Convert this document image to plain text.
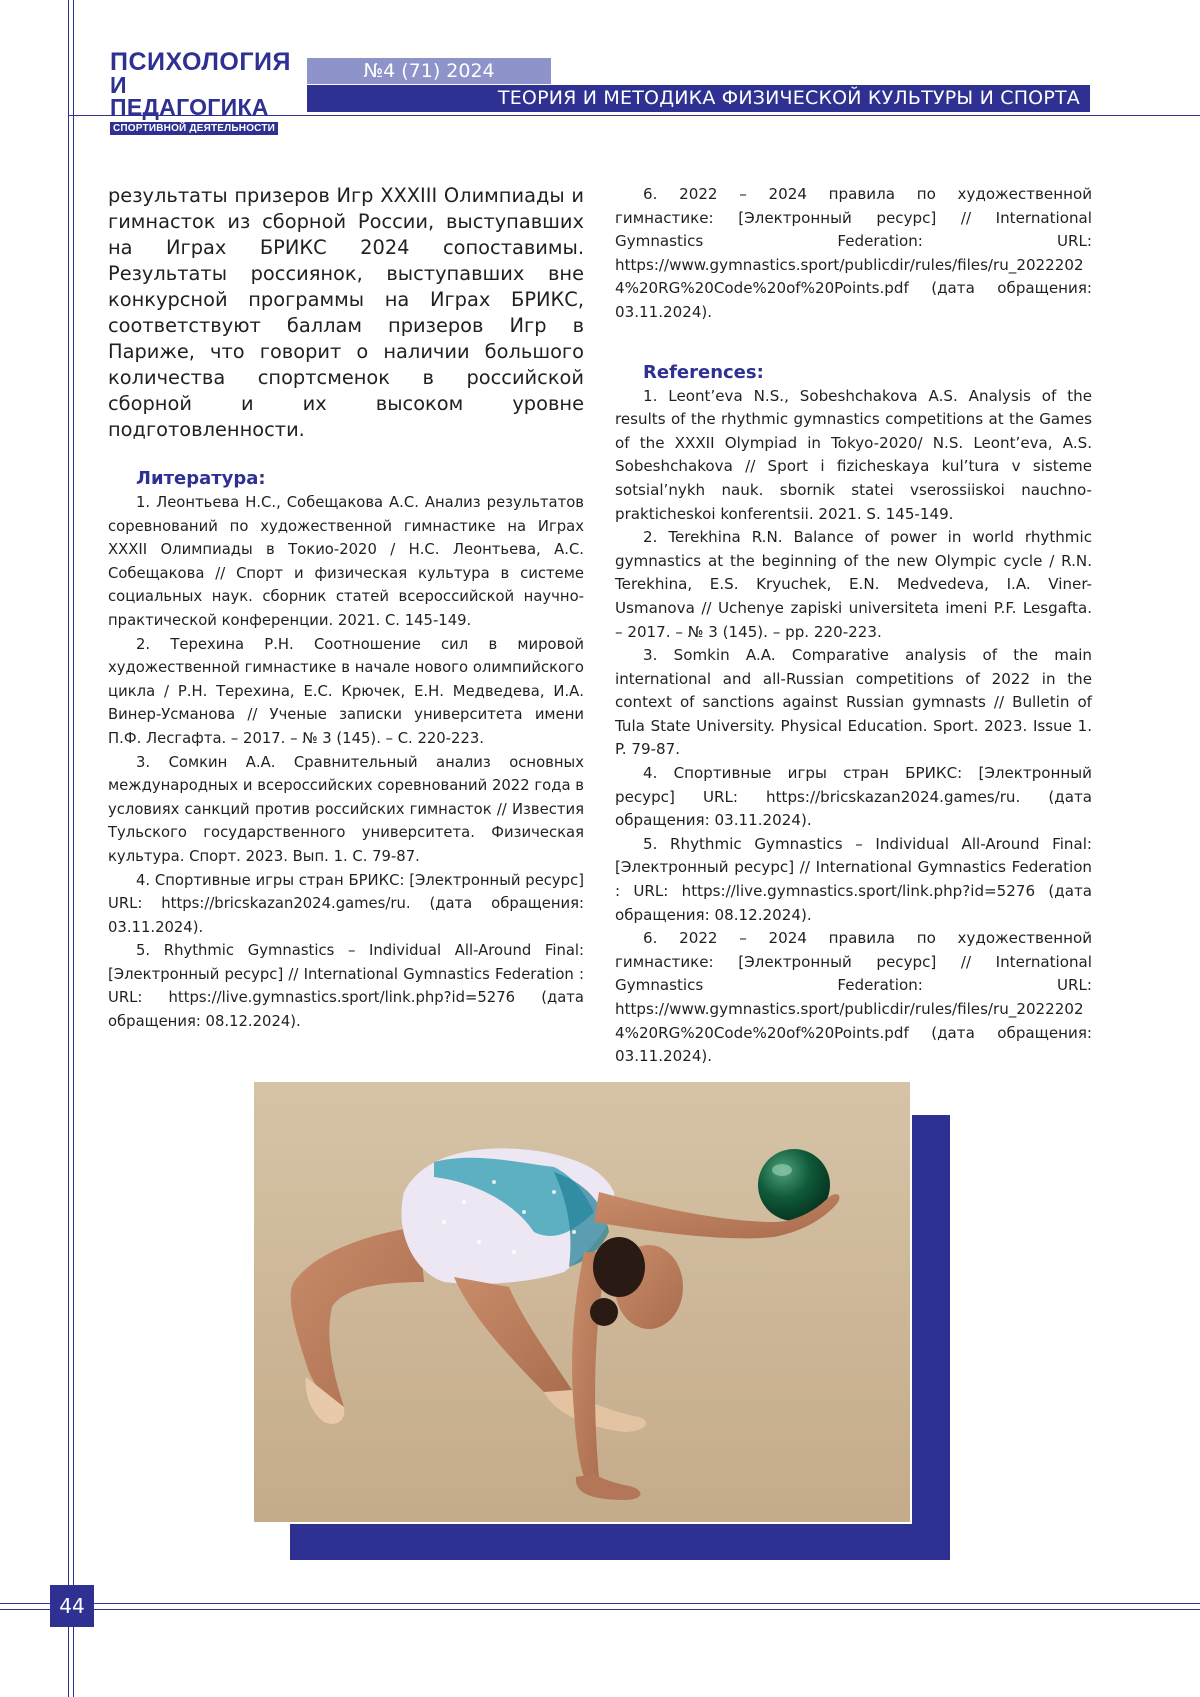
ПСИХОЛОГИЯ
И ПЕДАГОГИКА
СПОРТИВНОЙ ДЕЯТЕЛЬНОСТИ
№4 (71) 2024
ТЕОРИЯ И МЕТОДИКА ФИЗИЧЕСКОЙ КУЛЬТУРЫ И СПОРТА

результаты призеров Игр XXXIII Олимпиады и гимнасток из сборной России, выступавших на Играх БРИКС 2024 сопоставимы. Результаты россиянок, выступавших вне конкурсной программы на Играх БРИКС, соответствуют баллам призеров Игр в Париже, что говорит о наличии большого количества спортсменок в российской сборной и их высоком уровне подготовленности.

Литература:

1. Леонтьева Н.С., Собещакова А.С. Анализ результатов соревнований по художественной гимнастике на Играх XXXII Олимпиады в Токио-2020 / Н.С. Леонтьева, А.С. Собещакова // Спорт и физическая культура в системе социальных наук. сборник статей всероссийской научно-практической конференции. 2021. С. 145-149.

2. Терехина Р.Н. Соотношение сил в мировой художественной гимнастике в начале нового олимпийского цикла / Р.Н. Терехина, Е.С. Крючек, Е.Н. Медведева, И.А. Винер-Усманова // Ученые записки университета имени П.Ф. Лесгафта. – 2017. – № 3 (145). – С. 220-223.

3. Сомкин А.А. Сравнительный анализ основных международных и всероссийских соревнований 2022 года в условиях санкций против российских гимнасток // Известия Тульского государственного университета. Физическая культура. Спорт. 2023. Вып. 1. С. 79-87.

4. Спортивные игры стран БРИКС: [Электронный ресурс] URL: https://bricskazan2024.games/ru. (дата обращения: 03.11.2024).

5. Rhythmic Gymnastics – Individual All-Around Final: [Электронный ресурс] // International Gymnastics Federation : URL: https://live.gymnastics.sport/link.php?id=5276 (дата обращения: 08.12.2024).

6. 2022 – 2024 правила по художественной гимнастике: [Электронный ресурс] // International Gymnastics Federation: URL: https://www.gymnastics.sport/publicdir/rules/files/ru_20222024%20RG%20Code%20of%20Points.pdf (дата обращения: 03.11.2024).

References:

1. Leont’eva N.S., Sobeshchakova A.S. Analysis of the results of the rhythmic gymnastics competitions at the Games of the XXXII Olympiad in Tokyo-2020/ N.S. Leont’eva, A.S. Sobeshchakova // Sport i fizicheskaya kul’tura v sisteme sotsial’nykh nauk. sbornik statei vserossiiskoi nauchno-prakticheskoi konferentsii. 2021. S. 145-149.

2. Terekhina R.N. Balance of power in world rhythmic gymnastics at the beginning of the new Olympic cycle / R.N. Terekhina, E.S. Kryuchek, E.N. Medvedeva, I.A. Viner-Usmanova // Uchenye zapiski universiteta imeni P.F. Lesgafta. – 2017. – № 3 (145). – pp. 220-223.

3. Somkin A.A. Comparative analysis of the main international and all-Russian competitions of 2022 in the context of sanctions against Russian gymnasts // Bulletin of Tula State University. Physical Education. Sport. 2023. Issue 1. P. 79-87.

4. Спортивные игры стран БРИКС: [Электронный ресурс] URL: https://bricskazan2024.games/ru. (дата обращения: 03.11.2024).

5. Rhythmic Gymnastics – Individual All-Around Final: [Электронный ресурс] // International Gymnastics Federation : URL: https://live.gymnastics.sport/link.php?id=5276 (дата обращения: 08.12.2024).

6. 2022 – 2024 правила по художественной гимнастике: [Электронный ресурс] // International Gymnastics Federation: URL: https://www.gymnastics.sport/publicdir/rules/files/ru_20222024%20RG%20Code%20of%20Points.pdf (дата обращения: 03.11.2024).

44
